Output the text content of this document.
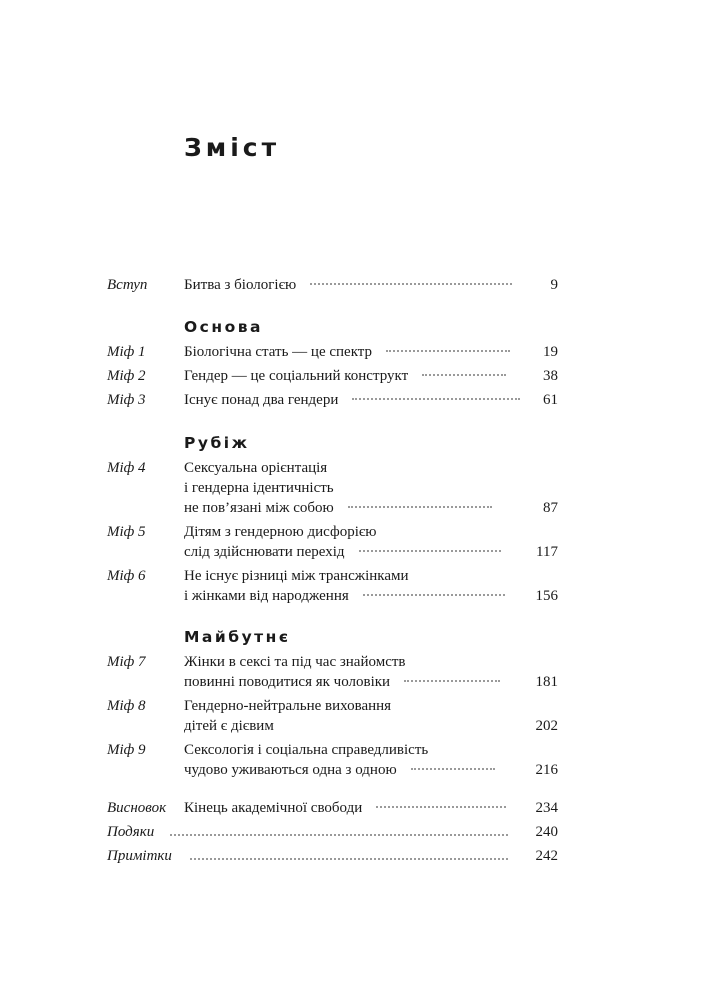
Зміст
Вступ Битва з біологією	9
Основа
Міф 1	Біологічна стать — це спектр	19
Міф 2	Гендер — це соціальний конструкт	38
Міф 3	Існує понад два гендери	61
Рубіж
Міф 4	Сексуальна орієнтація
і гендерна ідентичність
не пов’язані між собою	87
Міф 5	Дітям з гендерною дисфорією
слід здійснювати перехід	117
Міф 6	Не існує різниці між трансжінками
і жінками від народження	156
Майбутнє
Міф 7	Жінки в сексі та під час знайомств
повинні поводитися як чоловіки	181
Міф 8	Гендерно-нейтральне виховання
дітей є дієвим	202
Міф 9	Сексологія і соціальна справедливість
чудово уживаються одна з одною	216
Висновок Кінець академічної свободи	234
Подяки	240
Примітки	242
